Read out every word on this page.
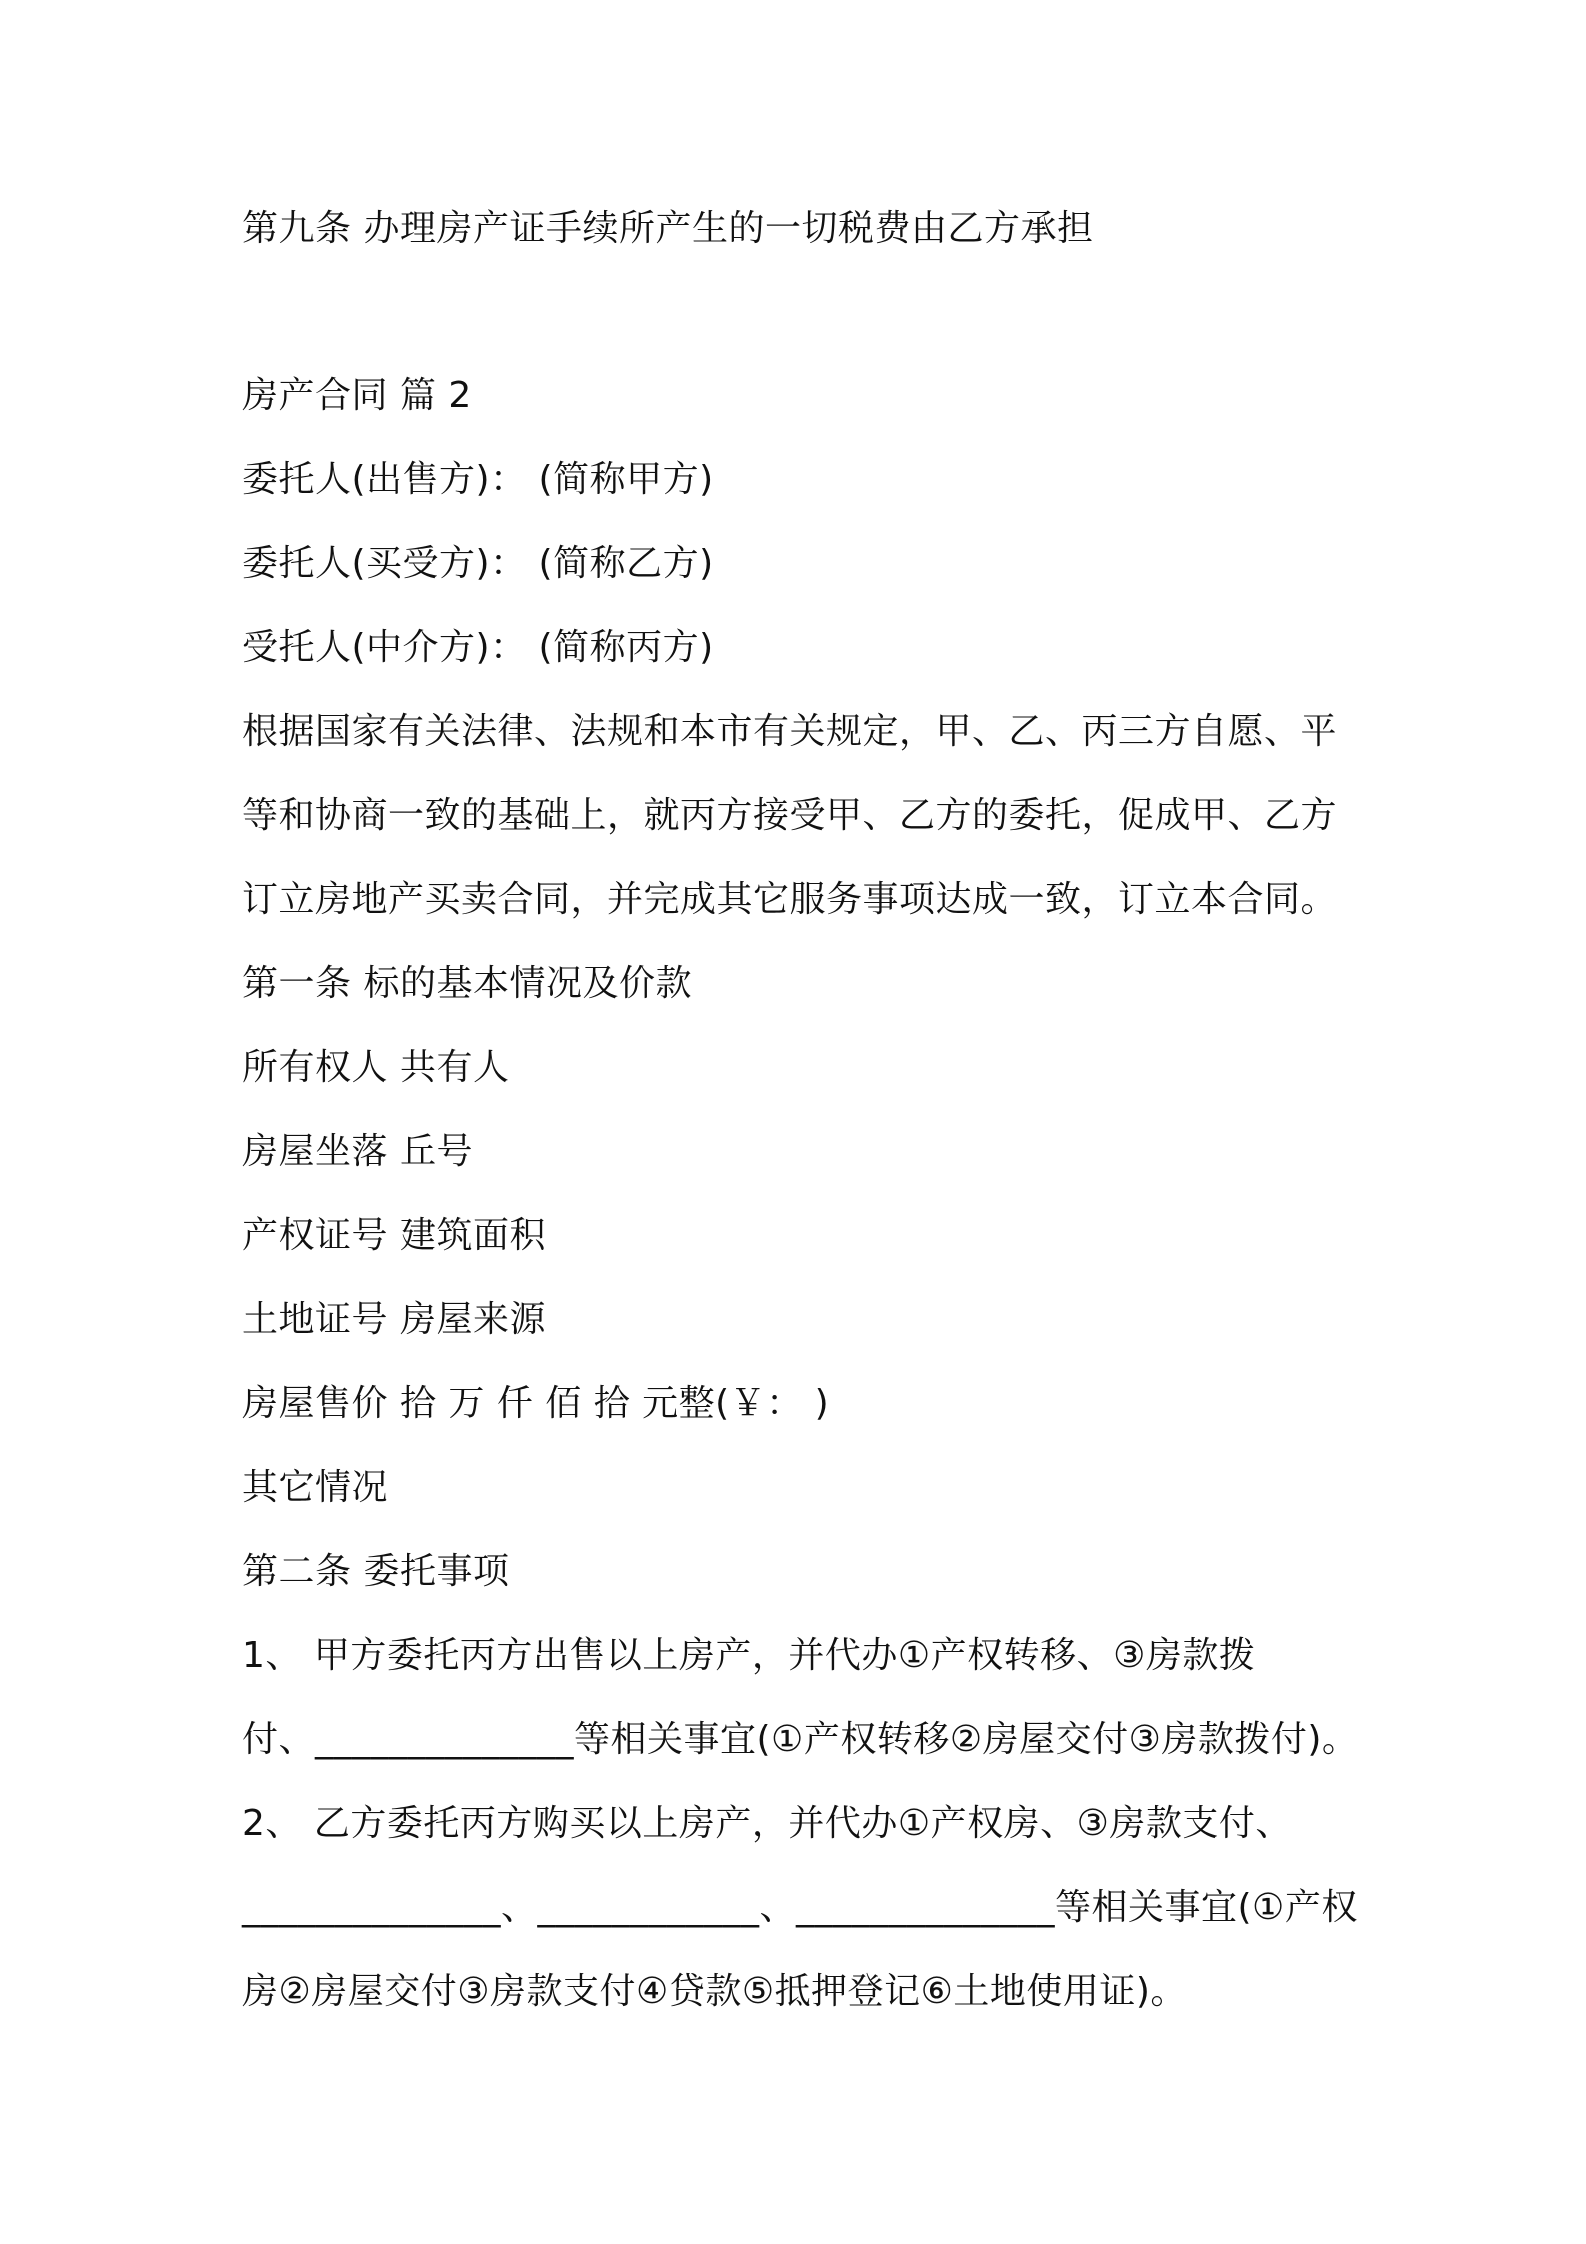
第九条 办理房产证手续所产生的一切税费由乙方承担
房产合同 篇 2
委托人(出售方)： (简称甲方)
委托人(买受方)： (简称乙方)
受托人(中介方)： (简称丙方)
根据国家有关法律、法规和本市有关规定，甲、乙、丙三方自愿、平
等和协商一致的基础上，就丙方接受甲、乙方的委托，促成甲、乙方
订立房地产买卖合同，并完成其它服务事项达成一致，订立本合同。
第一条 标的基本情况及价款
所有权人 共有人
房屋坐落 丘号
产权证号 建筑面积
土地证号 房屋来源
房屋售价 拾 万 仟 佰 拾 元整(￥： )
其它情况
第二条 委托事项
1、 甲方委托丙方出售以上房产，并代办①产权转移、③房款拨
付、______________等相关事宜(①产权转移②房屋交付③房款拨付)。
2、 乙方委托丙方购买以上房产，并代办①产权房、③房款支付、
______________、____________、______________等相关事宜(①产权
房②房屋交付③房款支付④贷款⑤抵押登记⑥土地使用证)。
